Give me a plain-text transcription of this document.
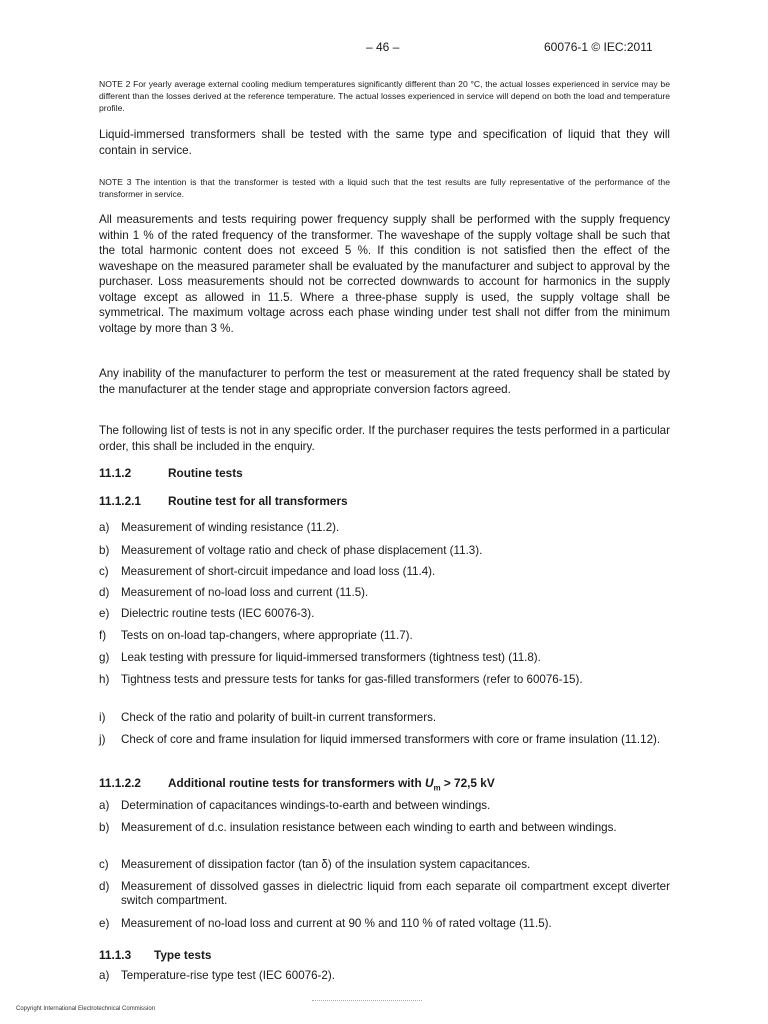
– 46 –	60076-1 © IEC:2011
NOTE 2 For yearly average external cooling medium temperatures significantly different than 20 °C, the actual losses experienced in service may be different than the losses derived at the reference temperature. The actual losses experienced in service will depend on both the load and temperature profile.
Liquid-immersed transformers shall be tested with the same type and specification of liquid that they will contain in service.
NOTE 3 The intention is that the transformer is tested with a liquid such that the test results are fully representative of the performance of the transformer in service.
All measurements and tests requiring power frequency supply shall be performed with the supply frequency within 1 % of the rated frequency of the transformer. The waveshape of the supply voltage shall be such that the total harmonic content does not exceed 5 %. If this condition is not satisfied then the effect of the waveshape on the measured parameter shall be evaluated by the manufacturer and subject to approval by the purchaser. Loss measurements should not be corrected downwards to account for harmonics in the supply voltage except as allowed in 11.5. Where a three-phase supply is used, the supply voltage shall be symmetrical. The maximum voltage across each phase winding under test shall not differ from the minimum voltage by more than 3 %.
Any inability of the manufacturer to perform the test or measurement at the rated frequency shall be stated by the manufacturer at the tender stage and appropriate conversion factors agreed.
The following list of tests is not in any specific order. If the purchaser requires the tests performed in a particular order, this shall be included in the enquiry.
11.1.2	Routine tests
11.1.2.1 Routine test for all transformers
a) Measurement of winding resistance (11.2).
b) Measurement of voltage ratio and check of phase displacement (11.3).
c) Measurement of short-circuit impedance and load loss (11.4).
d) Measurement of no-load loss and current (11.5).
e) Dielectric routine tests (IEC 60076-3).
f) Tests on on-load tap-changers, where appropriate (11.7).
g) Leak testing with pressure for liquid-immersed transformers (tightness test) (11.8).
h) Tightness tests and pressure tests for tanks for gas-filled transformers (refer to 60076-15).
i) Check of the ratio and polarity of built-in current transformers.
j) Check of core and frame insulation for liquid immersed transformers with core or frame insulation (11.12).
11.1.2.2 Additional routine tests for transformers with $U_m > 72,5$ kV
a) Determination of capacitances windings-to-earth and between windings.
b) Measurement of d.c. insulation resistance between each winding to earth and between windings.
c) Measurement of dissipation factor (tan δ) of the insulation system capacitances.
d) Measurement of dissolved gasses in dielectric liquid from each separate oil compartment except diverter switch compartment.
e) Measurement of no-load loss and current at 90 % and 110 % of rated voltage (11.5).
11.1.3 Type tests
a) Temperature-rise type test (IEC 60076-2).
Copyright International Electrotechnical Commission
